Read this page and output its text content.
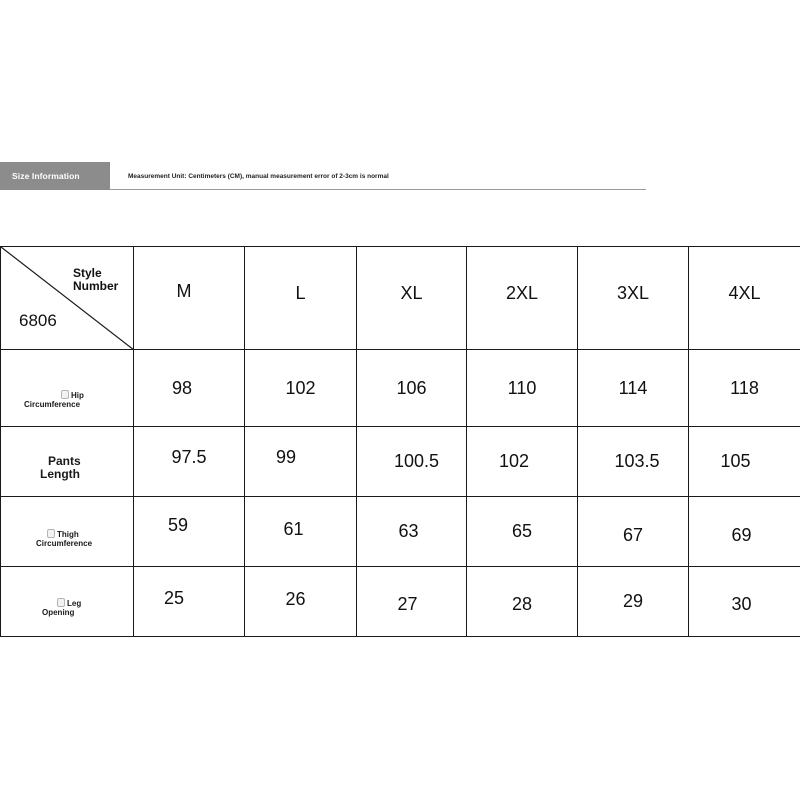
Size Information	Measurement Unit: Centimeters (CM), manual measurement error of 2-3cm is normal
Style
Number
6806	M	L	XL	2XL	3XL	4XL

Hip
Circumference	98	102	106	110	114	118

Pants
Length	97.5	99	100.5	102	103.5	105

Thigh
Circumference	59	61	63	65	67	69

Leg
Opening	25	26	27	28	29	30
